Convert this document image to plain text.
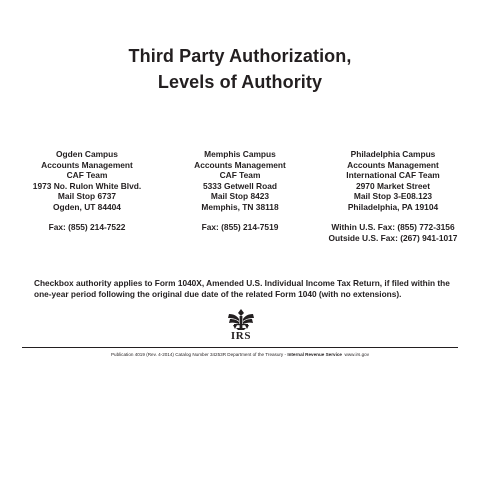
Third Party Authorization,
Levels of Authority
Ogden Campus
Accounts Management
CAF Team
1973 No. Rulon White Blvd.
Mail Stop 6737
Ogden, UT 84404
Fax: (855) 214-7522
Memphis Campus
Accounts Management
CAF Team
5333 Getwell Road
Mail Stop 8423
Memphis, TN 38118
Fax: (855) 214-7519
Philadelphia Campus
Accounts Management
International CAF Team
2970 Market Street
Mail Stop 3-E08.123
Philadelphia, PA 19104
Within U.S. Fax: (855) 772-3156
Outside U.S. Fax: (267) 941-1017
Checkbox authority applies to Form 1040X, Amended U.S. Individual Income Tax Return, if filed within the one-year period following the original due date of the related Form 1040 (with no extensions).
IRS
Publication 4019 (Rev. 4-2014) Catalog Number 34253R Department of the Treasury - Internal Revenue Service www.irs.gov
